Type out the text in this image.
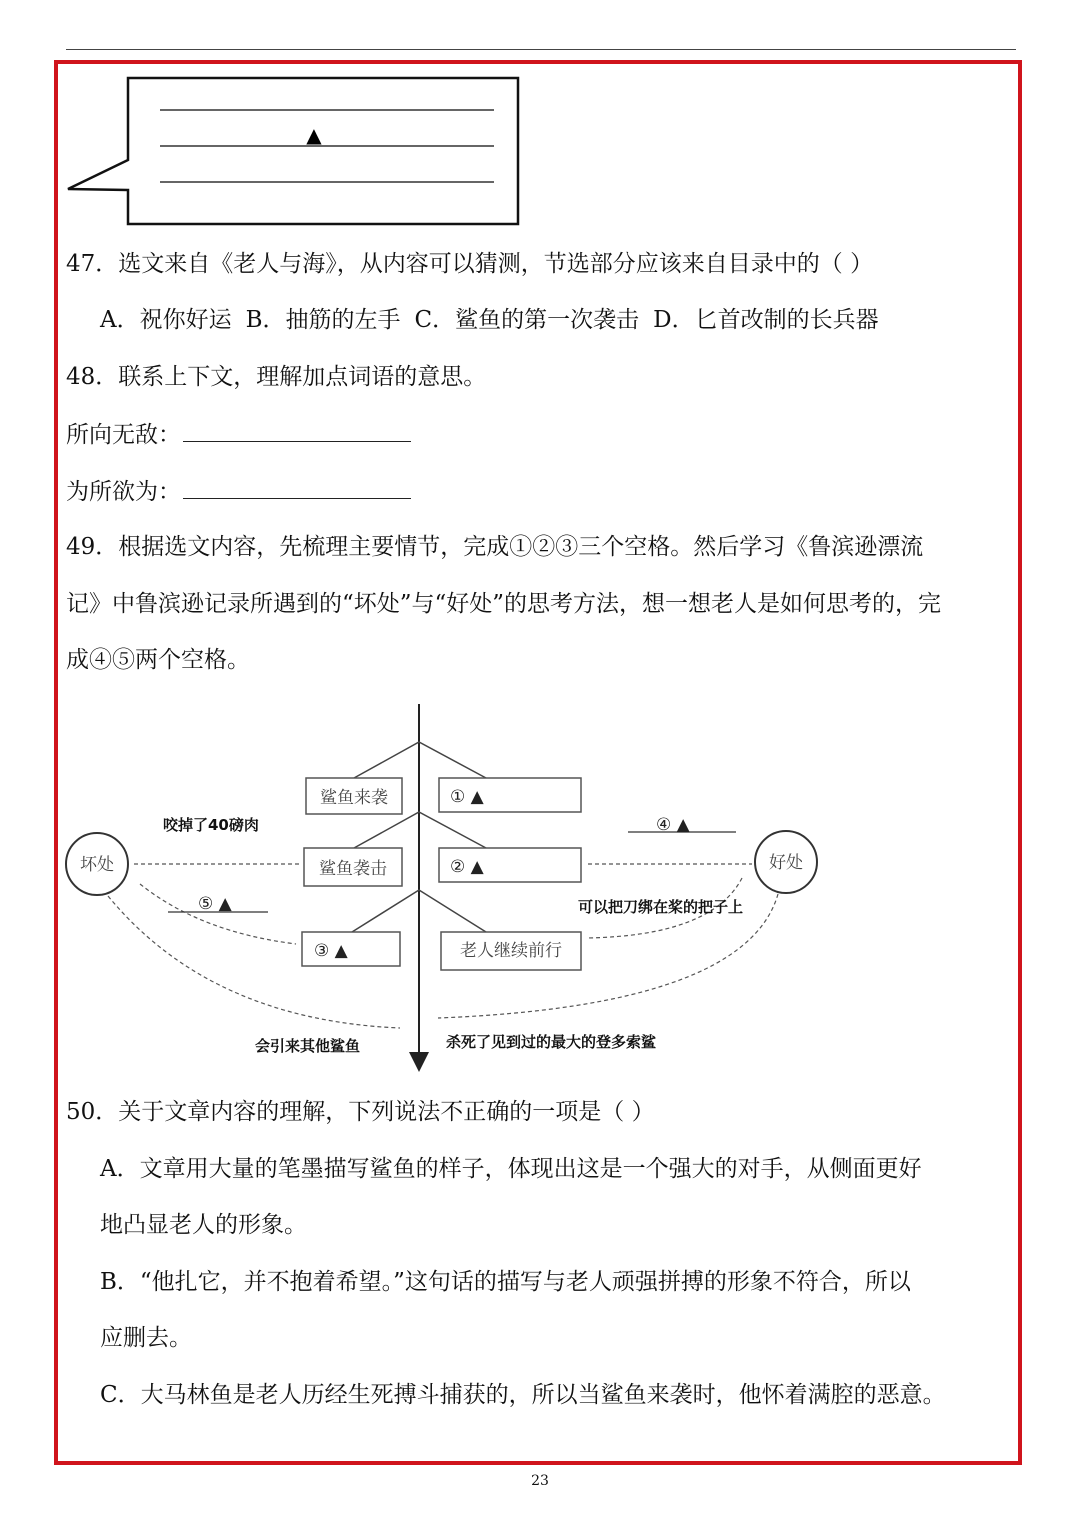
▲
47．选文来自《老人与海》，从内容可以猜测，节选部分应该来自目录中的（ ）
A．祝你好运 B．抽筋的左手 C．鲨鱼的第一次袭击 D．匕首改制的长兵器
48．联系上下文，理解加点词语的意思。
所向无敌：
为所欲为：
49．根据选文内容，先梳理主要情节，完成①②③三个空格。然后学习《鲁滨逊漂流
记》中鲁滨逊记录所遇到的“坏处”与“好处”的思考方法，想一想老人是如何思考的，完
成④⑤两个空格。
鲨鱼来袭	① ▲
鲨鱼袭击	② ▲
③ ▲	老人继续前行
坏处	好处
咬掉了40磅肉	④ ▲
⑤ ▲	可以把刀绑在桨的把子上
会引来其他鲨鱼	杀死了见到过的最大的登多索鲨
50．关于文章内容的理解，下列说法不正确的一项是（ ）
A．文章用大量的笔墨描写鲨鱼的样子，体现出这是一个强大的对手，从侧面更好
地凸显老人的形象。
B．“他扎它，并不抱着希望。”这句话的描写与老人顽强拼搏的形象不符合，所以
应删去。
C．大马林鱼是老人历经生死搏斗捕获的，所以当鲨鱼来袭时，他怀着满腔的恶意。
23
